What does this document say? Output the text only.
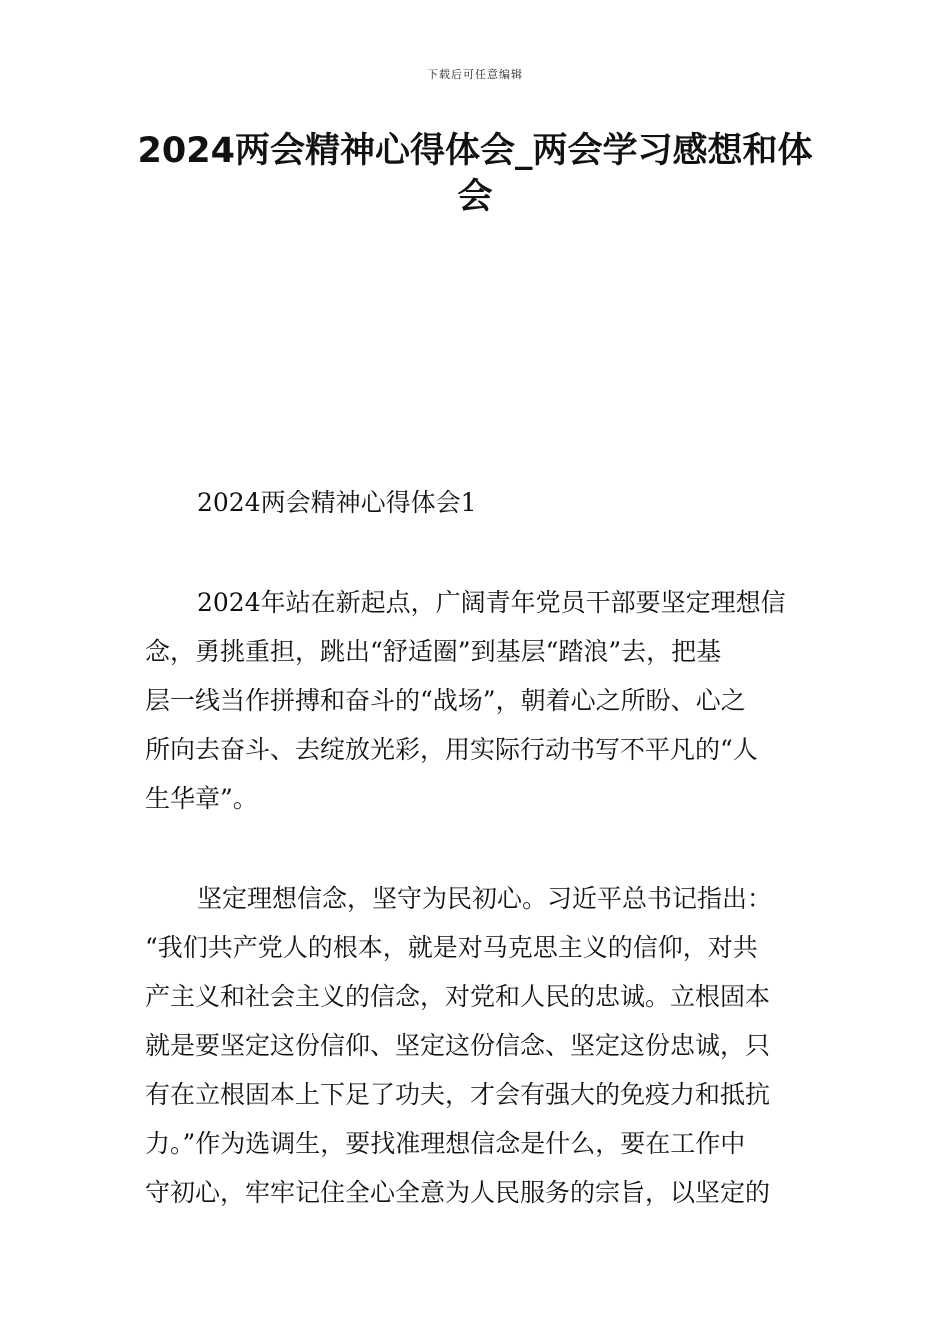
下载后可任意编辑
2024两会精神心得体会_两会学习感想和体
会
2024两会精神心得体会1
2024年站在新起点，广阔青年党员干部要坚定理想信
念，勇挑重担，跳出“舒适圈”到基层“踏浪”去，把基
层一线当作拼搏和奋斗的“战场”，朝着心之所盼、心之
所向去奋斗、去绽放光彩，用实际行动书写不平凡的“人
生华章”。
坚定理想信念，坚守为民初心。习近平总书记指出：
“我们共产党人的根本，就是对马克思主义的信仰，对共
产主义和社会主义的信念，对党和人民的忠诚。立根固本
就是要坚定这份信仰、坚定这份信念、坚定这份忠诚，只
有在立根固本上下足了功夫，才会有强大的免疫力和抵抗
力。”作为选调生，要找准理想信念是什么，要在工作中
守初心，牢牢记住全心全意为人民服务的宗旨，以坚定的
